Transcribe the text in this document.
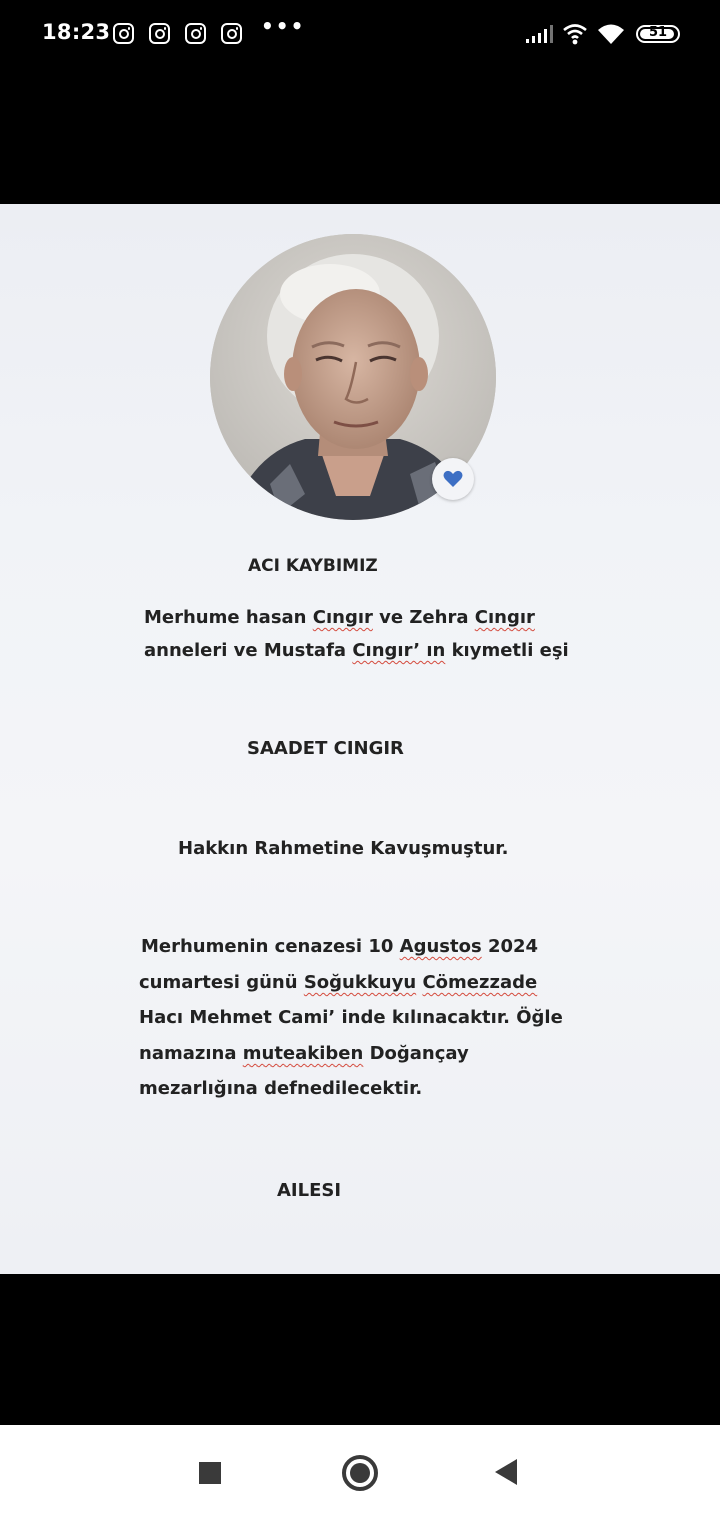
18:23	•••	51
ACI KAYBIMIZ
Merhume hasan Cıngır ve Zehra Cıngır
anneleri ve Mustafa Cıngır’ ın kıymetli eşi
SAADET CINGIR
Hakkın Rahmetine Kavuşmuştur.
Merhumenin cenazesi 10 Agustos 2024
cumartesi günü Soğukkuyu Cömezzade
Hacı Mehmet Cami’ inde kılınacaktır. Öğle
namazına muteakiben Doğançay
mezarlığına defnedilecektir.
AILESI
